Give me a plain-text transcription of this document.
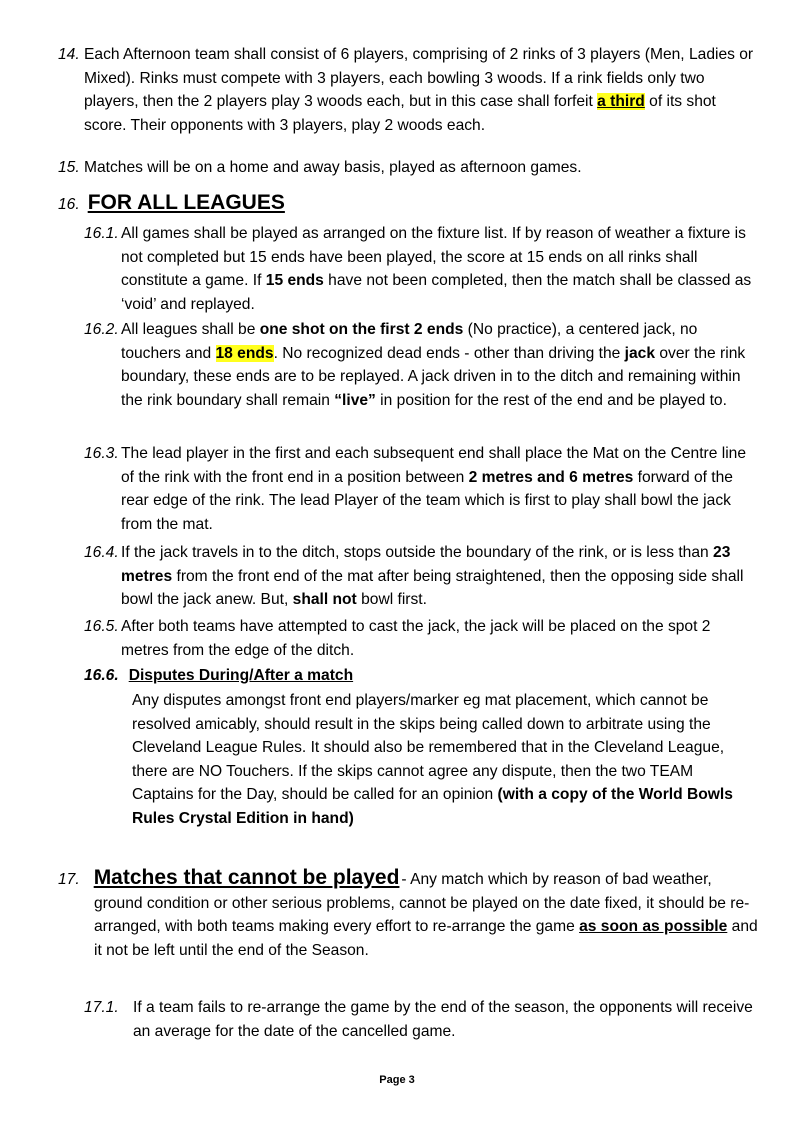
14. Each Afternoon team shall consist of 6 players, comprising of 2 rinks of 3 players (Men, Ladies or Mixed). Rinks must compete with 3 players, each bowling 3 woods. If a rink fields only two players, then the 2 players play 3 woods each, but in this case shall forfeit a third of its shot score. Their opponents with 3 players, play 2 woods each.
15. Matches will be on a home and away basis, played as afternoon games.
16. FOR ALL LEAGUES
16.1. All games shall be played as arranged on the fixture list. If by reason of weather a fixture is not completed but 15 ends have been played, the score at 15 ends on all rinks shall constitute a game. If 15 ends have not been completed, then the match shall be classed as ‘void’ and replayed.
16.2. All leagues shall be one shot on the first 2 ends (No practice), a centered jack, no touchers and 18 ends. No recognized dead ends - other than driving the jack over the rink boundary, these ends are to be replayed. A jack driven in to the ditch and remaining within the rink boundary shall remain “live” in position for the rest of the end and be played to.
16.3. The lead player in the first and each subsequent end shall place the Mat on the Centre line of the rink with the front end in a position between 2 metres and 6 metres forward of the rear edge of the rink. The lead Player of the team which is first to play shall bowl the jack from the mat.
16.4. If the jack travels in to the ditch, stops outside the boundary of the rink, or is less than 23 metres from the front end of the mat after being straightened, then the opposing side shall bowl the jack anew. But, shall not bowl first.
16.5. After both teams have attempted to cast the jack, the jack will be placed on the spot 2 metres from the edge of the ditch.
16.6. Disputes During/After a match
Any disputes amongst front end players/marker eg mat placement, which cannot be resolved amicably, should result in the skips being called down to arbitrate using the Cleveland League Rules. It should also be remembered that in the Cleveland League, there are NO Touchers. If the skips cannot agree any dispute, then the two TEAM Captains for the Day, should be called for an opinion (with a copy of the World Bowls Rules Crystal Edition in hand)
17. Matches that cannot be played - Any match which by reason of bad weather,
ground condition or other serious problems, cannot be played on the date fixed, it should be re-arranged, with both teams making every effort to re-arrange the game as soon as possible and it not be left until the end of the Season.
17.1. If a team fails to re-arrange the game by the end of the season, the opponents will receive an average for the date of the cancelled game.
Page 3
